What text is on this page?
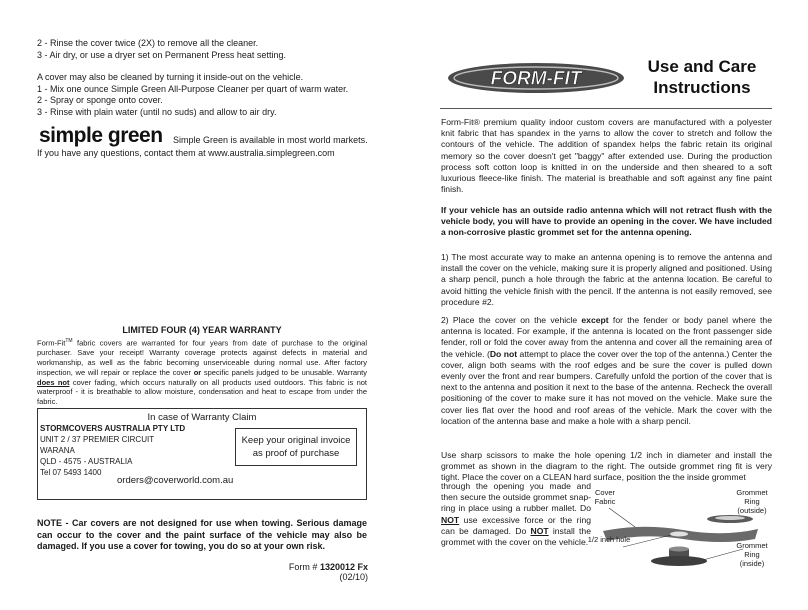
2 - Rinse the cover twice (2X) to remove all the cleaner.

3 - Air dry, or use a dryer set on Permanent Press heat setting.

A cover may also be cleaned by turning it inside-out on the vehicle.

1 - Mix one ounce Simple Green All-Purpose Cleaner per quart of warm water.

2 - Spray or sponge onto cover.

3 - Rinse with plain water (until no suds) and allow to air dry.

simple green Simple Green is available in most world markets.
If you have any questions, contact them at www.australia.simplegreen.com
LIMITED FOUR (4) YEAR WARRANTY
Form-Fit™ fabric covers are warranted for four years from date of purchase to the original purchaser. Save your receipt! Warranty coverage protects against defects in material and workmanship, as well as the fabric becoming unserviceable during normal use. After factory inspection, we will repair or replace the cover or specific panels judged to be unusable. Warranty does not cover fading, which occurs naturally on all products used outdoors. This fabric is not waterproof - it is breathable to allow moisture, condensation and heat to escape from under the fabric.
In case of Warranty Claim
STORMCOVERS AUSTRALIA PTY LTD
UNIT 2 / 37 PREMIER CIRCUIT
WARANA
QLD - 4575 - AUSTRALIA
Tel 07 5493 1400
orders@coverworld.com.au
Keep your original invoice as proof of purchase
NOTE - Car covers are not designed for use when towing. Serious damage can occur to the cover and the paint surface of the vehicle may also be damaged. If you use a cover for towing, you do so at your own risk.
Form # 1320012 Fx (02/10)
FORM-FIT
Use and Care
Instructions
Form-Fit® premium quality indoor custom covers are manufactured with a polyester knit fabric that has spandex in the yarns to allow the cover to stretch and follow the contours of the vehicle. The addition of spandex helps the fabric retain its original memory so the cover doesn't get "baggy" after extended use. During the production process soft cotton loop is knitted in on the underside and then sheared to a soft luxurious fleece-like finish. The material is breathable and soft against any fine paint finish.
If your vehicle has an outside radio antenna which will not retract flush with the vehicle body, you will have to provide an opening in the cover. We have included a non-corrosive plastic grommet set for the antenna opening.
1) The most accurate way to make an antenna opening is to remove the antenna and install the cover on the vehicle, making sure it is properly aligned and positioned. Using a sharp pencil, punch a hole through the fabric at the antenna location. Be careful to avoid hitting the vehicle finish with the pencil. If the antenna is not easily removed, see procedure #2.
2) Place the cover on the vehicle except for the fender or body panel where the antenna is located. For example, if the antenna is located on the front passenger side fender, roll or fold the cover away from the antenna and cover all the remaining area of the vehicle. (Do not attempt to place the cover over the top of the antenna.) Center the cover, align both seams with the roof edges and be sure the cover is pulled down evenly over the front and rear bumpers. Carefully unfold the portion of the cover that is next to the antenna and position it next to the base of the antenna. Recheck the overall positioning of the cover to make sure it has not moved on the vehicle. Make sure the cover lies flat over the hood and roof areas of the vehicle. Mark the cover with the location of the antenna base and make a hole with a sharp pencil.
Use sharp scissors to make the hole opening 1/2 inch in diameter and install the grommet as shown in the diagram to the right. The outside grommet ring fit is very tight. Place the cover on a CLEAN hard surface, position the the inside grommet
through the opening you made and then secure the outside grommet snap-ring in place using a rubber mallet. Do NOT use excessive force or the ring can be damaged. Do NOT install the grommet with the cover on the vehicle.
Cover Fabric
Grommet Ring (outside)
1/2 inch hole
Grommet Ring (inside)
